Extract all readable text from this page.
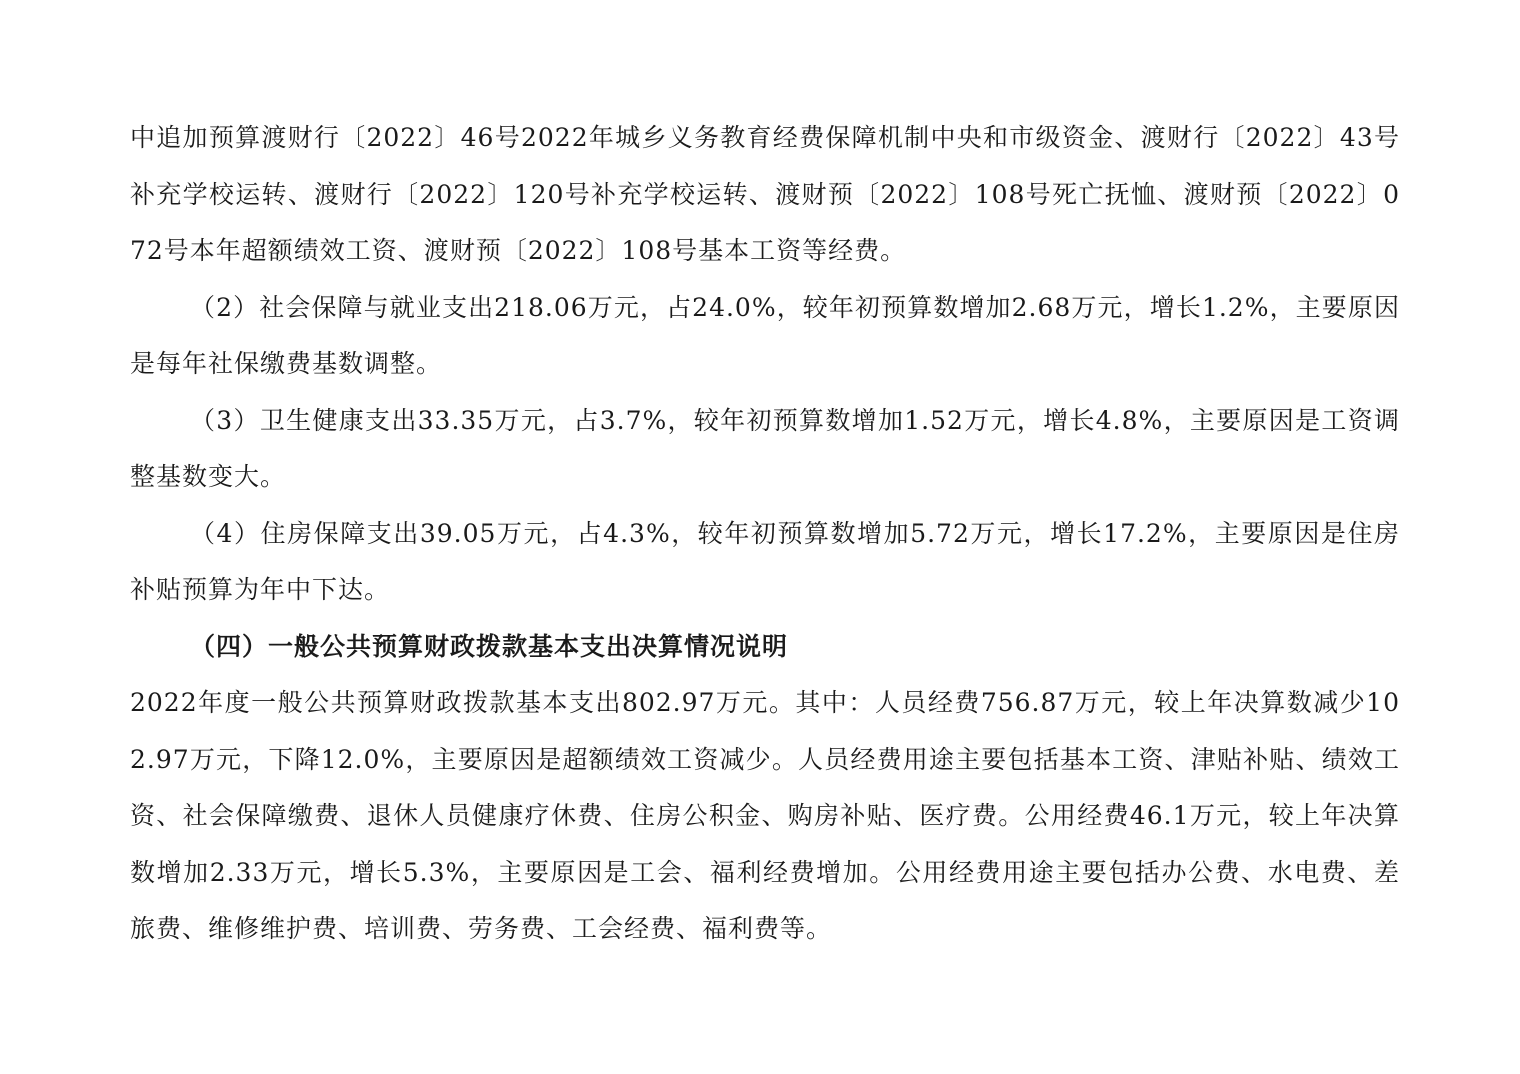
中追加预算渡财行〔2022〕46号2022年城乡义务教育经费保障机制中央和市级资金、渡财行〔2022〕43号补充学校运转、渡财行〔2022〕120号补充学校运转、渡财预〔2022〕108号死亡抚恤、渡财预〔2022〕072号本年超额绩效工资、渡财预〔2022〕108号基本工资等经费。

（2）社会保障与就业支出218.06万元，占24.0%，较年初预算数增加2.68万元，增长1.2%，主要原因是每年社保缴费基数调整。

（3）卫生健康支出33.35万元，占3.7%，较年初预算数增加1.52万元，增长4.8%，主要原因是工资调整基数变大。

（4）住房保障支出39.05万元，占4.3%，较年初预算数增加5.72万元，增长17.2%，主要原因是住房补贴预算为年中下达。

（四）一般公共预算财政拨款基本支出决算情况说明

2022年度一般公共预算财政拨款基本支出802.97万元。其中：人员经费756.87万元，较上年决算数减少102.97万元，下降12.0%，主要原因是超额绩效工资减少。人员经费用途主要包括基本工资、津贴补贴、绩效工资、社会保障缴费、退休人员健康疗休费、住房公积金、购房补贴、医疗费。公用经费46.1万元，较上年决算数增加2.33万元，增长5.3%，主要原因是工会、福利经费增加。公用经费用途主要包括办公费、水电费、差旅费、维修维护费、培训费、劳务费、工会经费、福利费等。
